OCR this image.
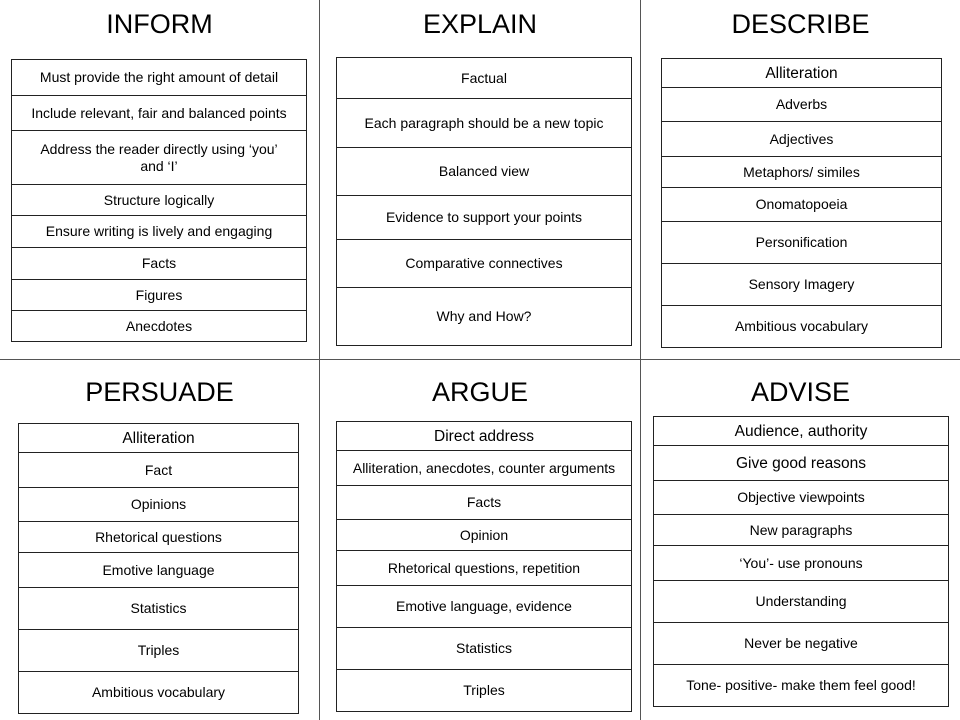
INFORM
Must provide the right amount of detail
Include relevant, fair and balanced points
Address the reader directly using ‘you’ and ‘I’
Structure logically
Ensure writing is lively and engaging
Facts
Figures
Anecdotes
EXPLAIN
Factual
Each paragraph should be a new topic
Balanced view
Evidence to support your points
Comparative connectives
Why and How?
DESCRIBE
Alliteration
Adverbs
Adjectives
Metaphors/ similes
Onomatopoeia
Personification
Sensory Imagery
Ambitious vocabulary
PERSUADE
Alliteration
Fact
Opinions
Rhetorical questions
Emotive language
Statistics
Triples
Ambitious vocabulary
ARGUE
Direct address
Alliteration, anecdotes, counter arguments
Facts
Opinion
Rhetorical questions, repetition
Emotive language, evidence
Statistics
Triples
ADVISE
Audience, authority
Give good reasons
Objective viewpoints
New paragraphs
‘You’- use pronouns
Understanding
Never be negative
Tone- positive- make them feel good!
